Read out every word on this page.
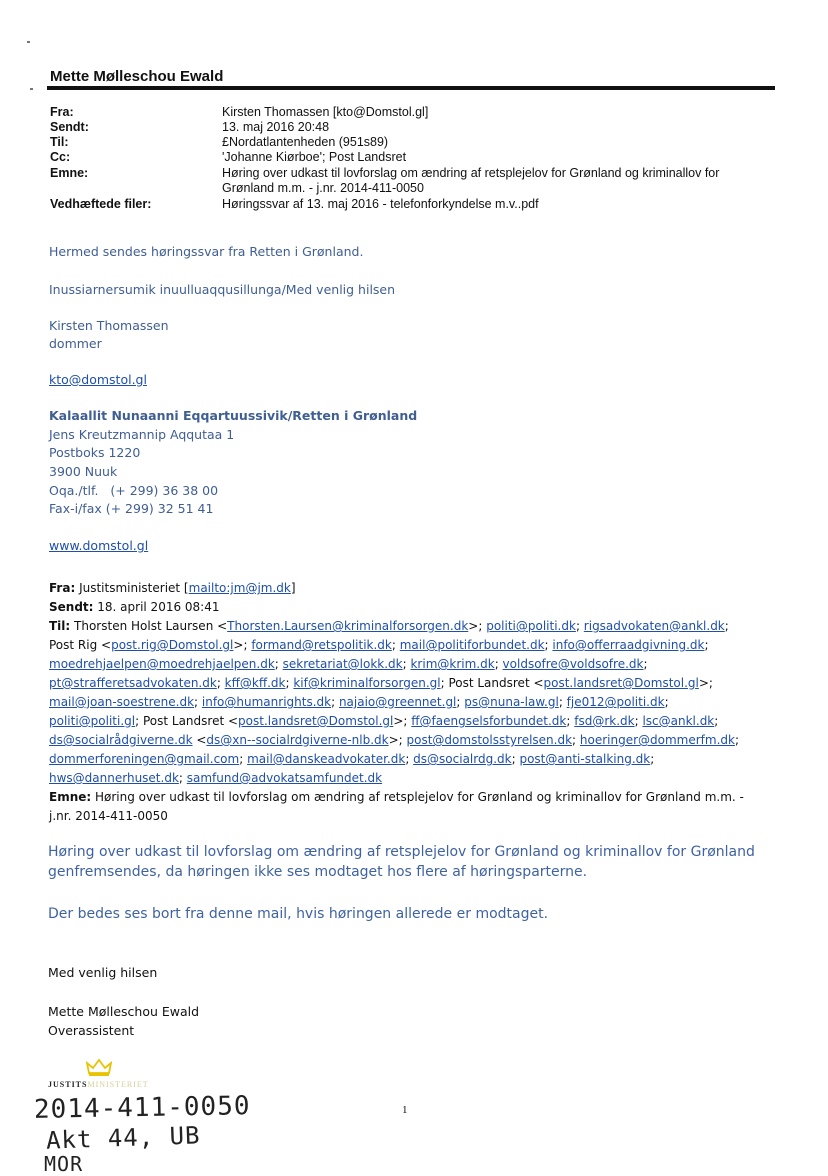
Mette Mølleschou Ewald
Fra:	Kirsten Thomassen [kto@Domstol.gl]
Sendt:	13. maj 2016 20:48
Til:	£Nordatlantenheden (951s89)
Cc:	'Johanne Kiørboe'; Post Landsret
Emne:	Høring over udkast til lovforslag om ændring af retsplejelov for Grønland og kriminallov for
Grønland m.m. - j.nr. 2014-411-0050
Vedhæftede filer:	Høringssvar af 13. maj 2016 - telefonforkyndelse m.v..pdf
Hermed sendes høringssvar fra Retten i Grønland.
Inussiarnersumik inuulluaqqusillunga/Med venlig hilsen
Kirsten Thomassen
dommer
kto@domstol.gl
Kalaallit Nunaanni Eqqartuussivik/Retten i Grønland
Jens Kreutzmannip Aqqutaa 1
Postboks 1220
3900 Nuuk
Oqa./tlf.   (+ 299) 36 38 00
Fax-i/fax (+ 299) 32 51 41
www.domstol.gl
Fra: Justitsministeriet [mailto:jm@jm.dk]
Sendt: 18. april 2016 08:41
Til: Thorsten Holst Laursen <Thorsten.Laursen@kriminalforsorgen.dk>; politi@politi.dk; rigsadvokaten@ankl.dk;
Post Rig <post.rig@Domstol.gl>; formand@retspolitik.dk; mail@politiforbundet.dk; info@offerraadgivning.dk;
moedrehjaelpen@moedrehjaelpen.dk; sekretariat@lokk.dk; krim@krim.dk; voldsofre@voldsofre.dk;
pt@strafferetsadvokaten.dk; kff@kff.dk; kif@kriminalforsorgen.gl; Post Landsret <post.landsret@Domstol.gl>;
mail@joan-soestrene.dk; info@humanrights.dk; najaio@greennet.gl; ps@nuna-law.gl; fje012@politi.dk;
politi@politi.gl; Post Landsret <post.landsret@Domstol.gl>; ff@faengselsforbundet.dk; fsd@rk.dk; lsc@ankl.dk;
ds@socialrådgiverne.dk <ds@xn--socialrdgiverne-nlb.dk>; post@domstolsstyrelsen.dk; hoeringer@dommerfm.dk;
dommerforeningen@gmail.com; mail@danskeadvokater.dk; ds@socialrdg.dk; post@anti-stalking.dk;
hws@dannerhuset.dk; samfund@advokatsamfundet.dk
Emne: Høring over udkast til lovforslag om ændring af retsplejelov for Grønland og kriminallov for Grønland m.m. -
j.nr. 2014-411-0050
Høring over udkast til lovforslag om ændring af retsplejelov for Grønland og kriminallov for Grønland
genfremsendes, da høringen ikke ses modtaget hos flere af høringsparterne.
Der bedes ses bort fra denne mail, hvis høringen allerede er modtaget.
Med venlig hilsen
Mette Mølleschou Ewald
Overassistent
JUSTITSMINISTERIET
1
2014-411-0050
Akt 44, UB
MOR
